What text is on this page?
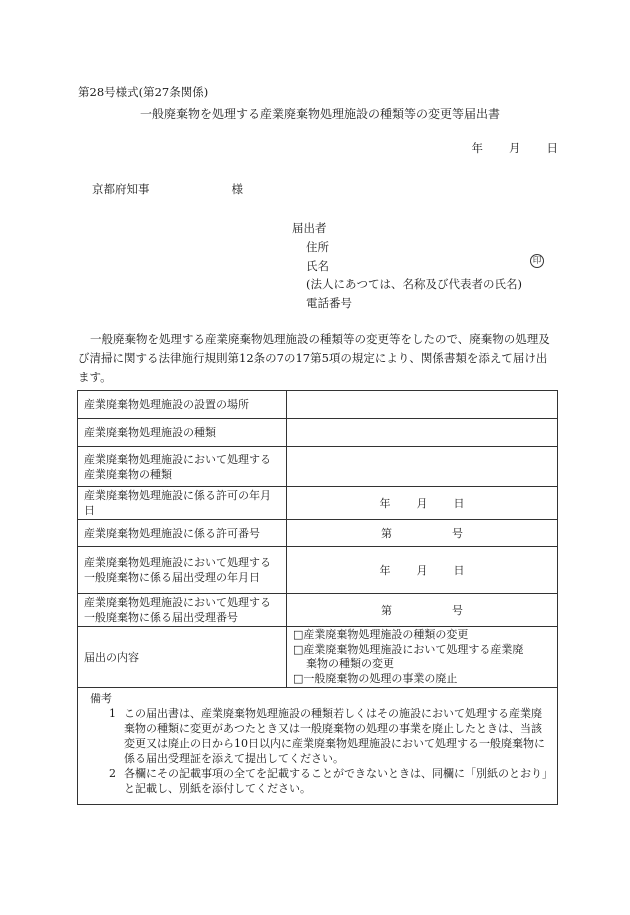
第28号様式(第27条関係)
一般廃棄物を処理する産業廃棄物処理施設の種類等の変更等届出書
年 月 日
京都府知事	様
届出者
住所
氏名
(法人にあつては、名称及び代表者の氏名)
電話番号
印
一般廃棄物を処理する産業廃棄物処理施設の種類等の変更等をしたので、廃棄物の処理及び清掃に関する法律施行規則第12条の7の17第5項の規定により、関係書類を添えて届け出ます。
産業廃棄物処理施設の設置の場所	
産業廃棄物処理施設の種類	
産業廃棄物処理施設において処理する産業廃棄物の種類	
産業廃棄物処理施設に係る許可の年月日	年 月 日

産業廃棄物処理施設に係る許可番号	第 号

産業廃棄物処理施設において処理する一般廃棄物に係る届出受理の年月日	年 月 日

産業廃棄物処理施設において処理する一般廃棄物に係る届出受理番号	第 号

届出の内容	□産業廃棄物処理施設の種類の変更
□産業廃棄物処理施設において処理する産業廃
棄物の種類の変更
□一般廃棄物の処理の事業の廃止

備考
1 この届出書は、産業廃棄物処理施設の種類若しくはその施設において処理する産業廃棄物の種類に変更があつたとき又は一般廃棄物の処理の事業を廃止したときは、当該変更又は廃止の日から10日以内に産業廃棄物処理施設において処理する一般廃棄物に係る届出受理証を添えて提出してください。
2 各欄にその記載事項の全てを記載することができないときは、同欄に「別紙のとおり」と記載し、別紙を添付してください。	
